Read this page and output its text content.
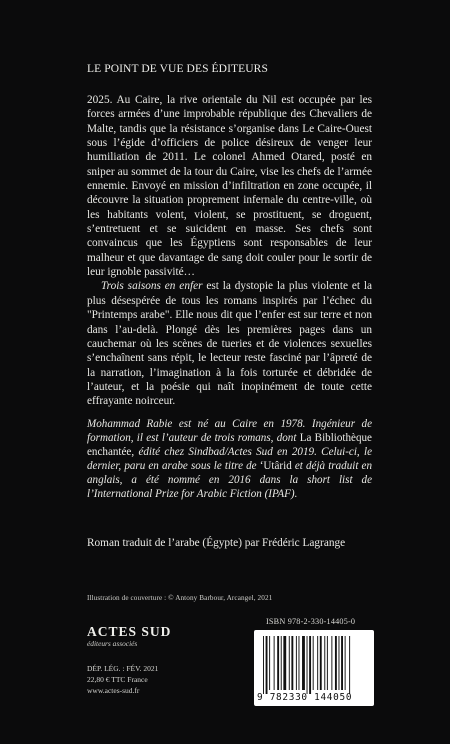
LE POINT DE VUE DES ÉDITEURS

2025. Au Caire, la rive orientale du Nil est occupée par les forces armées d’une improbable république des Chevaliers de Malte, tandis que la résistance s’organise dans Le Caire-Ouest sous l’égide d’officiers de police désireux de venger leur humiliation de 2011. Le colonel Ahmed Otared, posté en sniper au sommet de la tour du Caire, vise les chefs de l’armée ennemie. Envoyé en mission d’infiltration en zone occupée, il découvre la situation proprement infernale du centre-ville, où les habitants volent, violent, se prostituent, se droguent, s’entretuent et se suicident en masse. Ses chefs sont convaincus que les Égyptiens sont responsables de leur malheur et que davantage de sang doit couler pour le sortir de leur ignoble passivité…

Trois saisons en enfer est la dystopie la plus violente et la plus désespérée de tous les romans inspirés par l’échec du "Printemps arabe". Elle nous dit que l’enfer est sur terre et non dans l’au-delà. Plongé dès les premières pages dans un cauchemar où les scènes de tueries et de violences sexuelles s’enchaînent sans répit, le lecteur reste fasciné par l’âpreté de la narration, l’imagination à la fois torturée et débridée de l’auteur, et la poésie qui naît inopinément de toute cette effrayante noirceur.

Mohammad Rabie est né au Caire en 1978. Ingénieur de formation, il est l’auteur de trois romans, dont La Bibliothèque enchantée, édité chez Sindbad/Actes Sud en 2019. Celui-ci, le dernier, paru en arabe sous le titre de ‘Utârid et déjà traduit en anglais, a été nommé en 2016 dans la short list de l’International Prize for Arabic Fiction (IPAF).
Roman traduit de l’arabe (Égypte) par Frédéric Lagrange
Illustration de couverture : © Antony Barbour, Arcangel, 2021
ISBN 978-2-330-14405-0
ACTES SUD
éditeurs associés
DÉP. LÉG. : FÉV. 2021
22,80 € TTC France
www.actes-sud.fr
9 782330 144050
